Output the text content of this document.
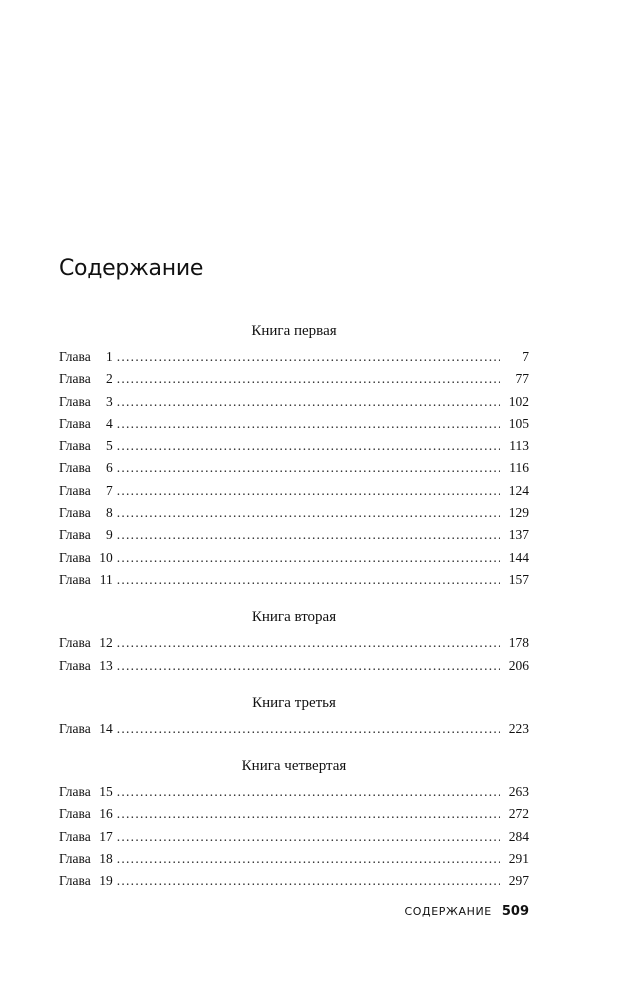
Содержание
Книга первая
Глава	1 . . .	7
Глава	2 . . .	77
Глава	3 . . .	102
Глава	4 . . .	105
Глава	5 . . .	113
Глава	6 . . .	116
Глава	7 . . .	124
Глава	8 . . .	129
Глава	9 . . .	137
Глава 10 . . .	144
Глава 11 . . .	157
Книга вторая
Глава 12 . . .	178
Глава 13 . . .	206
Книга третья
Глава 14 . . .	223
Книга четвертая
Глава 15 . . .	263
Глава 16 . . .	272
Глава 17 . . .	284
Глава 18 . . .	291
Глава 19 . . .	297
СОДЕРЖАНИЕ 509
